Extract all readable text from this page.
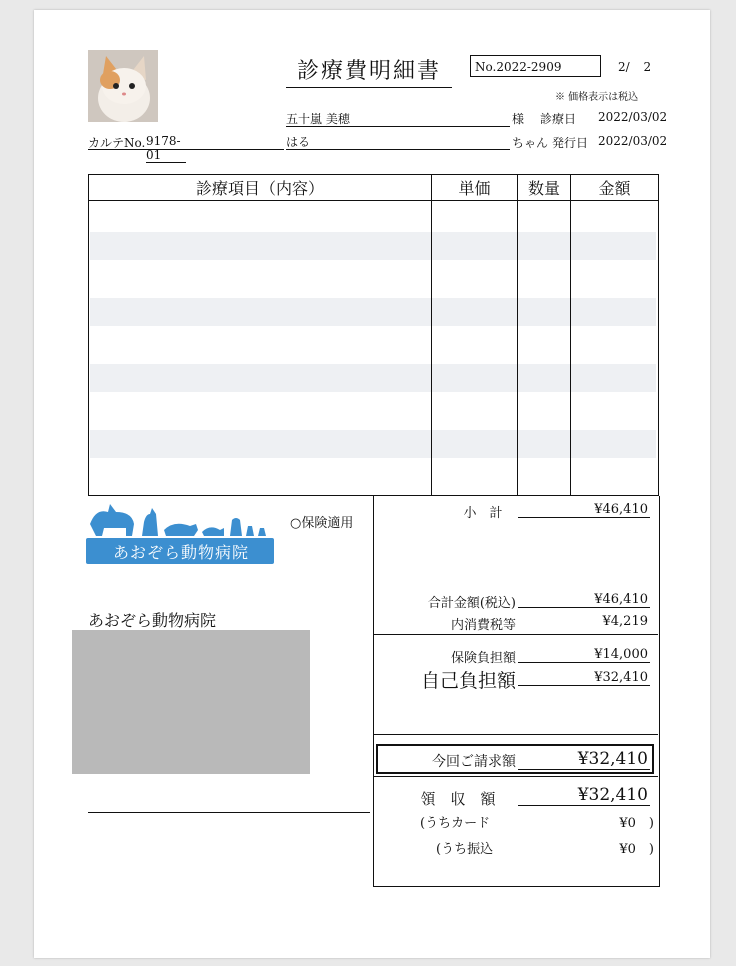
診療費明細書	No.2022-2909	2/ 2
※ 価格表示は税込
五十嵐 美穂	様 診療日 2022/03/02
カルテNo. 9178-01
はる	ちゃん 発行日 2022/03/02
診療項目（内容）	単価	数量	金額

あおぞら動物病院
○保険適用
あおぞら動物病院
小　計	¥46,410
合計金額(税込)	¥46,410
内消費税等	¥4,219
保険負担額	¥14,000
自己負担額	¥32,410
今回ご請求額	¥32,410
領　収　額	¥32,410
(うちカード	¥0　)
(うち振込	¥0　)
